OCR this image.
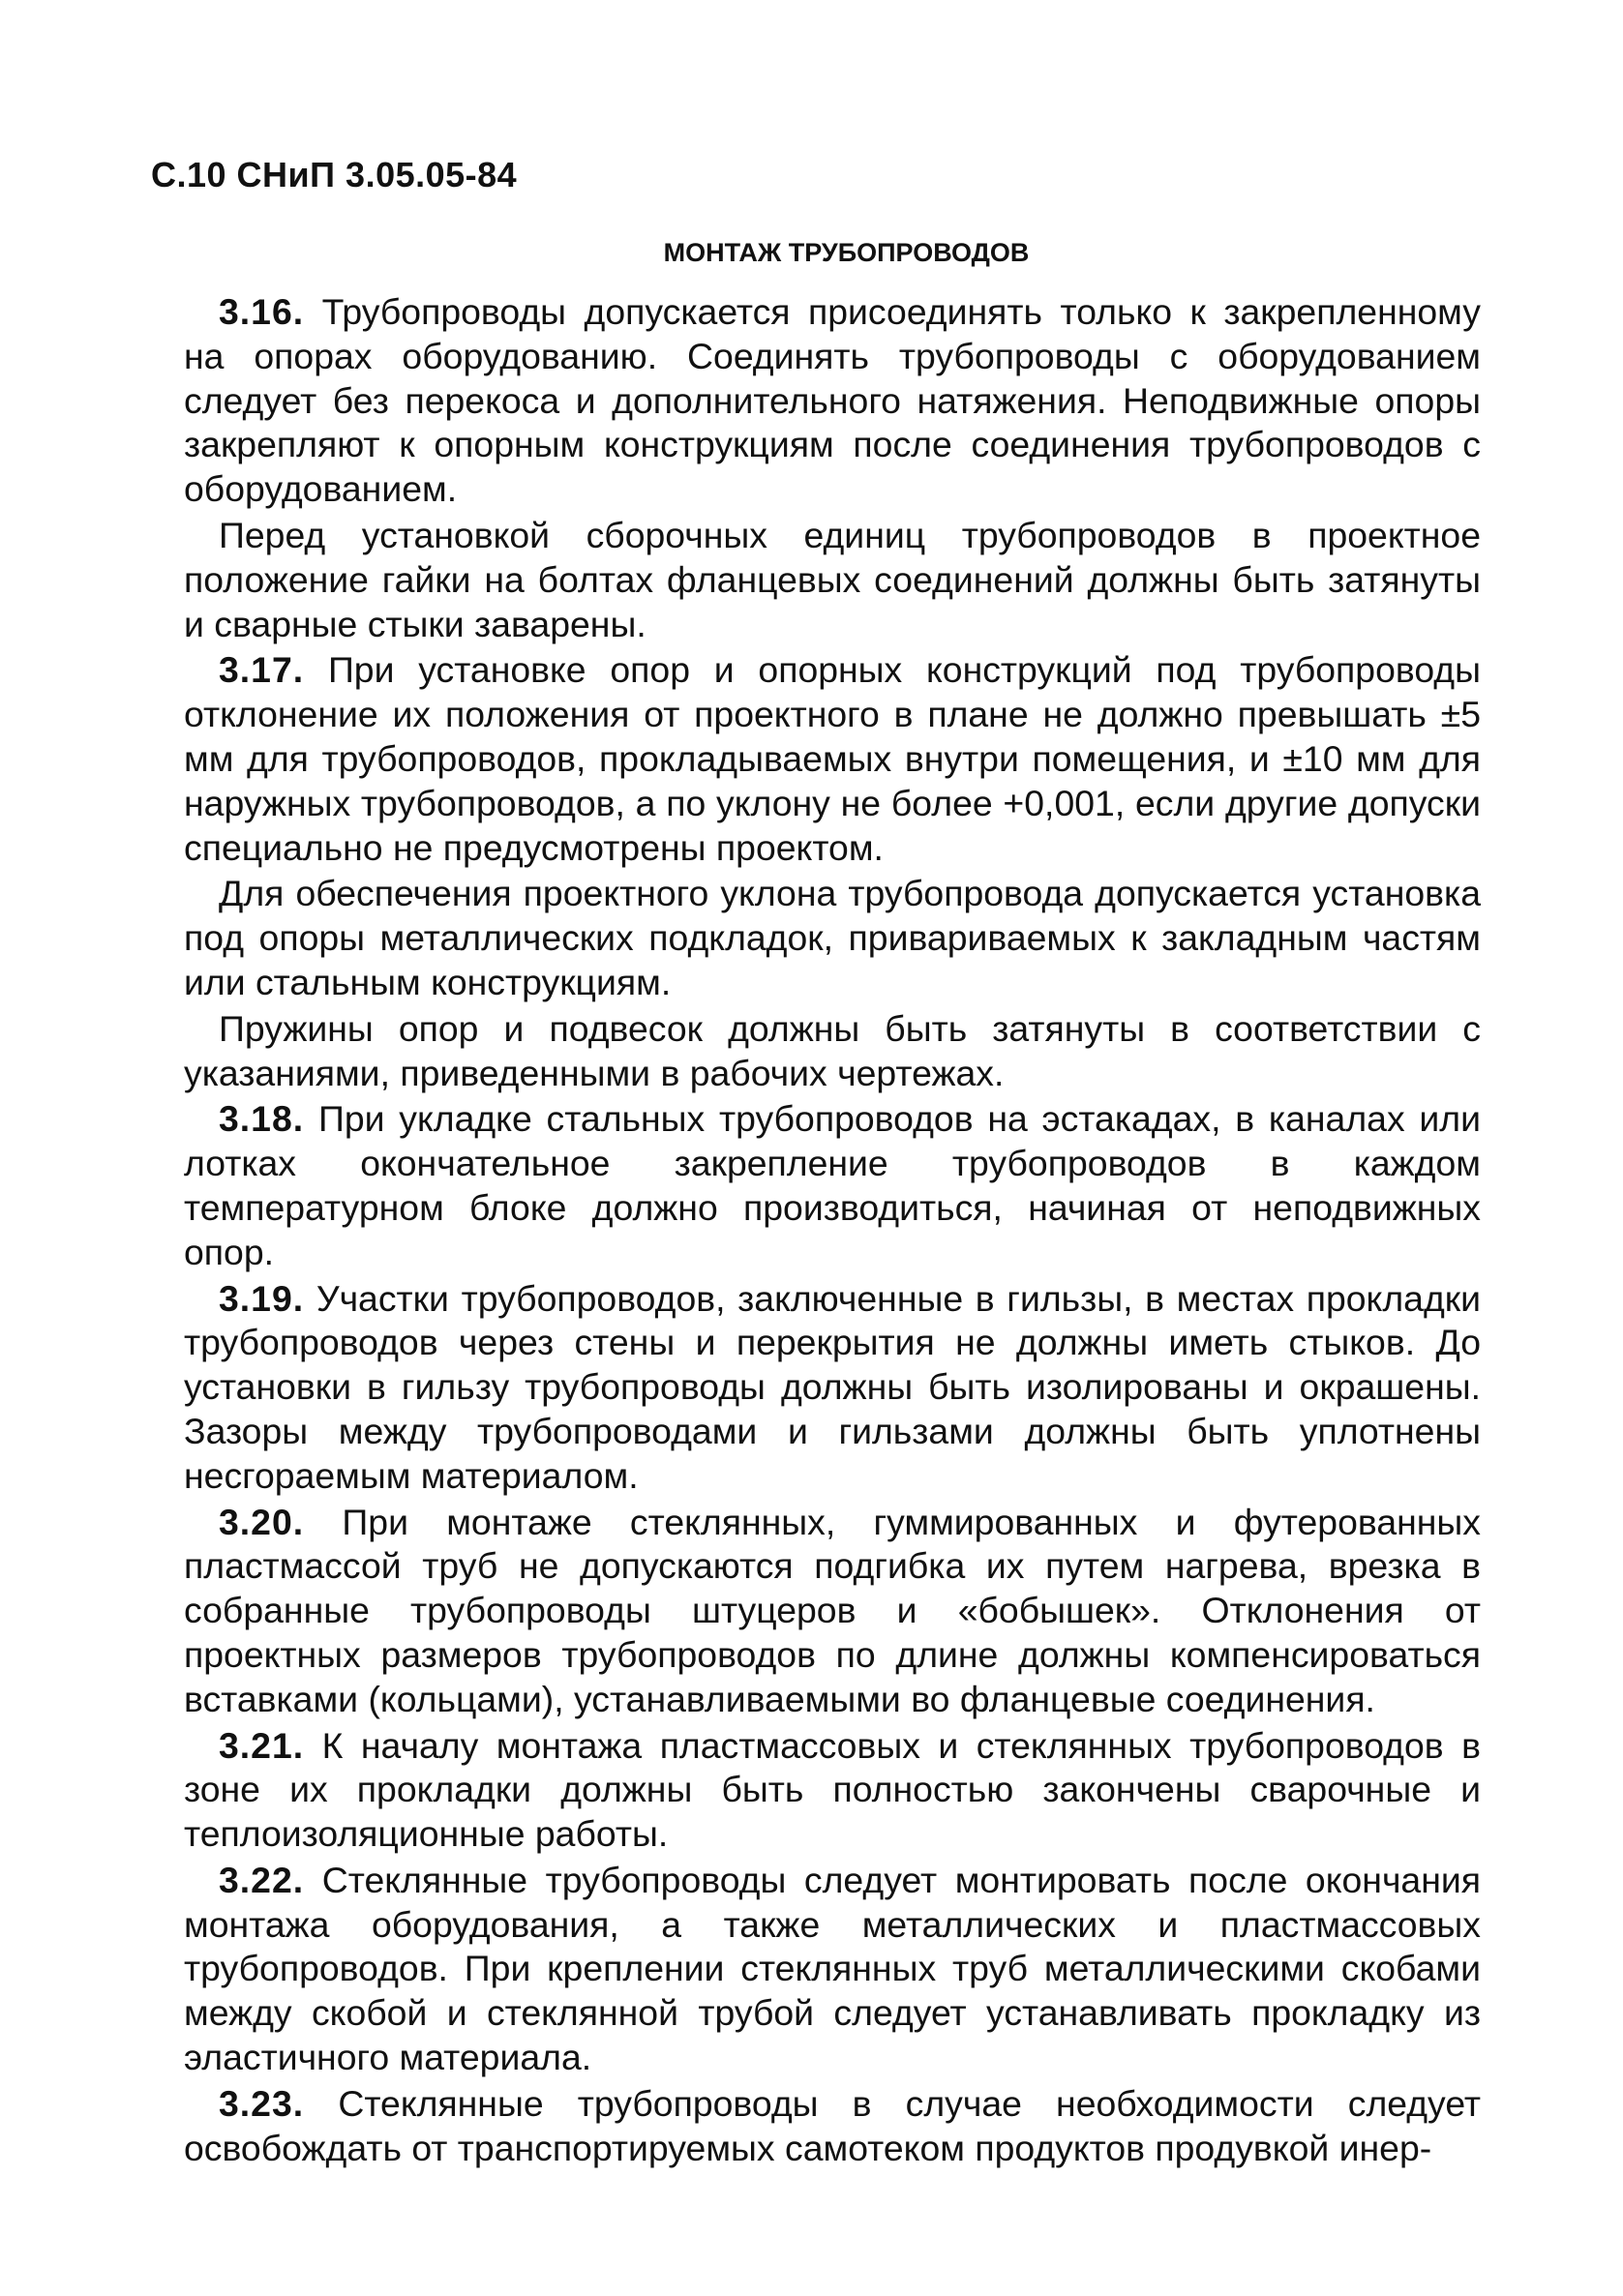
С.10 СНиП 3.05.05-84
МОНТАЖ ТРУБОПРОВОДОВ

3.16. Трубопроводы допускается присоединять только к закрепленному на опорах оборудованию. Соединять трубопроводы с оборудованием следует без перекоса и дополнительного натяжения. Неподвижные опоры закрепляют к опорным конструкциям после соединения трубопроводов с оборудованием.

Перед установкой сборочных единиц трубопроводов в проектное положение гайки на болтах фланцевых соединений должны быть затянуты и сварные стыки заварены.

3.17. При установке опор и опорных конструкций под трубопроводы отклонение их положения от проектного в плане не должно превышать ±5 мм для трубопроводов, прокладываемых внутри помещения, и ±10 мм для наружных трубопроводов, а по уклону не более +0,001, если другие допуски специально не предусмотрены проектом.

Для обеспечения проектного уклона трубопровода допускается установка под опоры металлических подкладок, привариваемых к закладным частям или стальным конструкциям.

Пружины опор и подвесок должны быть затянуты в соответствии с указаниями, приведенными в рабочих чертежах.

3.18. При укладке стальных трубопроводов на эстакадах, в каналах или лотках окончательное закрепление трубопроводов в каждом температурном блоке должно производиться, начиная от неподвижных опор.

3.19. Участки трубопроводов, заключенные в гильзы, в местах прокладки трубопроводов через стены и перекрытия не должны иметь стыков. До установки в гильзу трубопроводы должны быть изолированы и окрашены. Зазоры между трубопроводами и гильзами должны быть уплотнены несгораемым материалом.

3.20. При монтаже стеклянных, гуммированных и футерованных пластмассой труб не допускаются подгибка их путем нагрева, врезка в собранные трубопроводы штуцеров и «бобышек». Отклонения от проектных размеров трубопроводов по длине должны компенсироваться вставками (кольцами), устанавливаемыми во фланцевые соединения.

3.21. К началу монтажа пластмассовых и стеклянных трубопроводов в зоне их прокладки должны быть полностью закончены сварочные и теплоизоляционные работы.

3.22. Стеклянные трубопроводы следует монтировать после окончания монтажа оборудования, а также металлических и пластмассовых трубопроводов. При креплении стеклянных труб металлическими скобами между скобой и стеклянной трубой следует устанавливать прокладку из эластичного материала.

3.23. Стеклянные трубопроводы в случае необходимости следует освобождать от транспортируемых самотеком продуктов продувкой инер-
